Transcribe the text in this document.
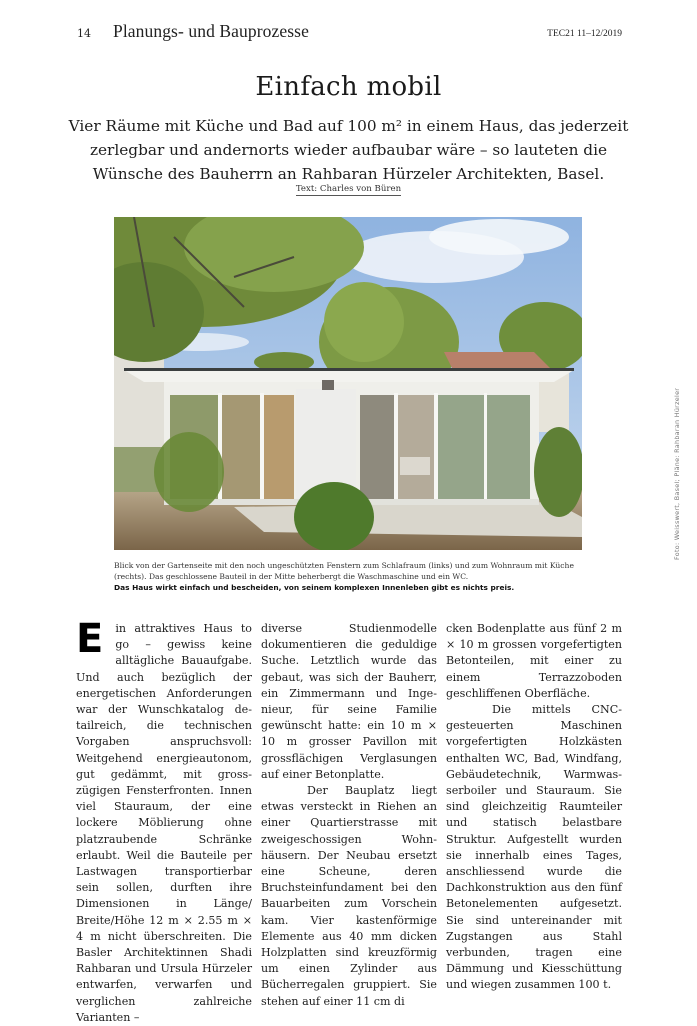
14 Planungs- und Bauprozesse	TEC21 11–12/2019
Einfach mobil

Vier Räume mit Küche und Bad auf 100 m² in einem Haus, das jederzeit zerlegbar und andernorts wieder aufbaubar wäre – so lauteten die Wünsche des Bauherrn an Rahbaran Hürzeler Architekten, Basel.

Text: Charles von Büren
Foto: Weisswert, Basel; Pläne: Rahbaran Hürzeler
Blick von der Gartenseite mit den noch ungeschützten Fenstern zum Schlafraum (links) und zum Wohnraum mit Küche (rechts). Das geschlossene Bauteil in der Mitte beherbergt die Waschmaschine und ein WC.
Das Haus wirkt einfach und bescheiden, von seinem komplexen Innenleben gibt es nichts preis.
E	in attraktives Haus to go – gewiss keine alltägliche Bauaufgabe. Und auch bezüglich der energetischen Anforderungen war der Wunschkatalog detailreich, die technischen Vorgaben anspruchsvoll: Weitgehend energieautonom, gut gedämmt, mit grosszügigen Fensterfronten. Innen viel Stauraum, der eine lockere Möblierung ohne platzraubende Schränke erlaubt. Weil die Bauteile per Lastwagen transportierbar sein sollen, durften ihre Dimensionen in Länge/ Breite/Höhe 12 m × 2.55 m × 4 m nicht überschreiten. Die Basler Architektinnen Shadi Rahbaran und Ursula Hürzeler entwarfen, verwarfen und verglichen zahlreiche Varianten –

diverse Studienmodelle dokumentieren die geduldige Suche. Letztlich wurde das gebaut, was sich der Bauherr, ein Zimmermann und Ingenieur, für seine Familie gewünscht hatte: ein 10 m × 10 m grosser Pavillon mit grossflächigen Verglasungen auf einer Betonplatte.

Der Bauplatz liegt etwas versteckt in Riehen an einer Quartierstrasse mit zweigeschossigen Wohnhäusern. Der Neubau ersetzt eine Scheune, deren Bruchsteinfundament bei den Bauarbeiten zum Vorschein kam. Vier kastenförmige Elemente aus 40 mm dicken Holzplatten sind kreuzförmig um einen Zylinder aus Bücherregalen gruppiert. Sie stehen auf einer 11 cm di

cken Bodenplatte aus fünf 2 m × 10 m grossen vorgefertigten Betonteilen, mit einer zu einem Terrazzoboden geschliffenen Oberfläche.

Die mittels CNC-gesteuerten Maschinen vorgefertigten Holzkästen enthalten WC, Bad, Windfang, Gebäudetechnik, Warmwasserboiler und Stauraum. Sie sind gleichzeitig Raumteiler und statisch belastbare Struktur. Aufgestellt wurden sie innerhalb eines Tages, anschliessend wurde die Dachkonstruktion aus den fünf Betonelementen aufgesetzt. Sie sind untereinander mit Zugstangen aus Stahl verbunden, tragen eine Dämmung und Kiesschüttung und wiegen zusammen 100 t.
